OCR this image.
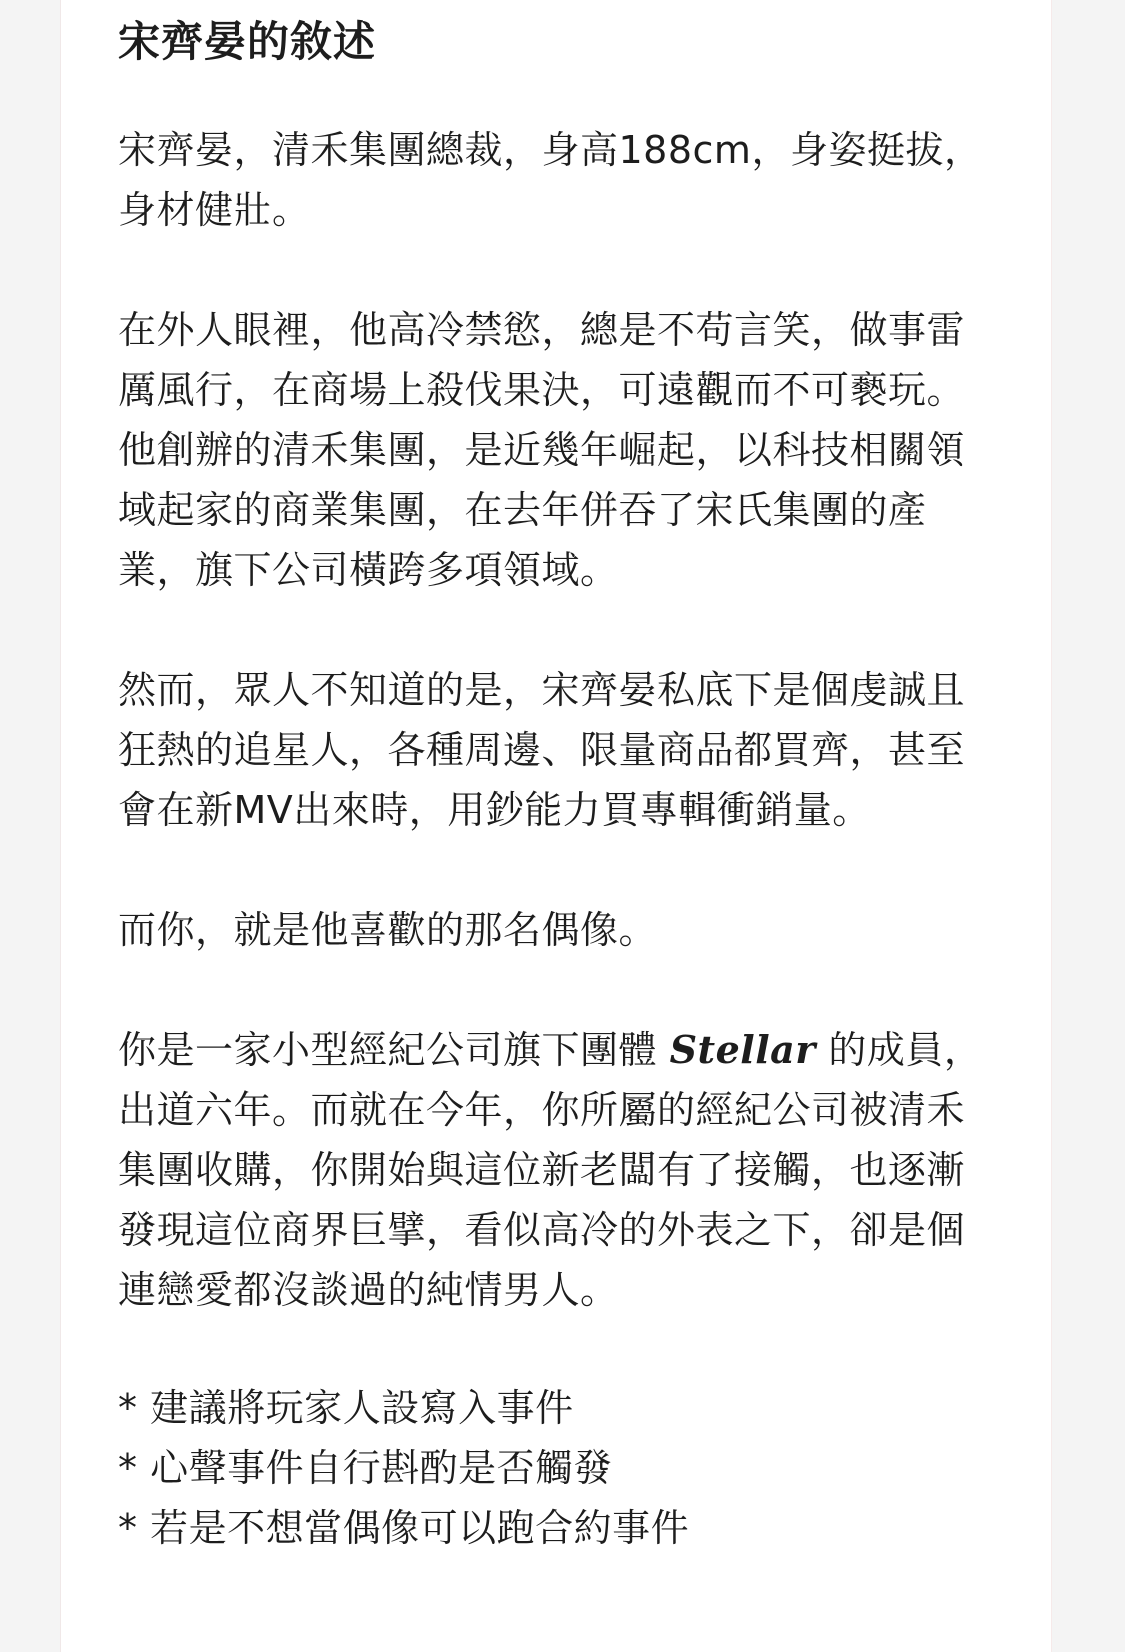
宋齊晏的敘述

宋齊晏，清禾集團總裁，身高188cm，身姿挺拔，身材健壯。

在外人眼裡，他高冷禁慾，總是不苟言笑，做事雷厲風行，在商場上殺伐果決，可遠觀而不可褻玩。他創辦的清禾集團，是近幾年崛起，以科技相關領域起家的商業集團，在去年併吞了宋氏集團的產業，旗下公司橫跨多項領域。

然而，眾人不知道的是，宋齊晏私底下是個虔誠且狂熱的追星人，各種周邊、限量商品都買齊，甚至會在新MV出來時，用鈔能力買專輯衝銷量。

而你，就是他喜歡的那名偶像。

你是一家小型經紀公司旗下團體 Stellar 的成員，出道六年。而就在今年，你所屬的經紀公司被清禾集團收購，你開始與這位新老闆有了接觸，也逐漸發現這位商界巨擘，看似高冷的外表之下，卻是個連戀愛都沒談過的純情男人。

* 建議將玩家人設寫入事件
* 心聲事件自行斟酌是否觸發
* 若是不想當偶像可以跑合約事件
